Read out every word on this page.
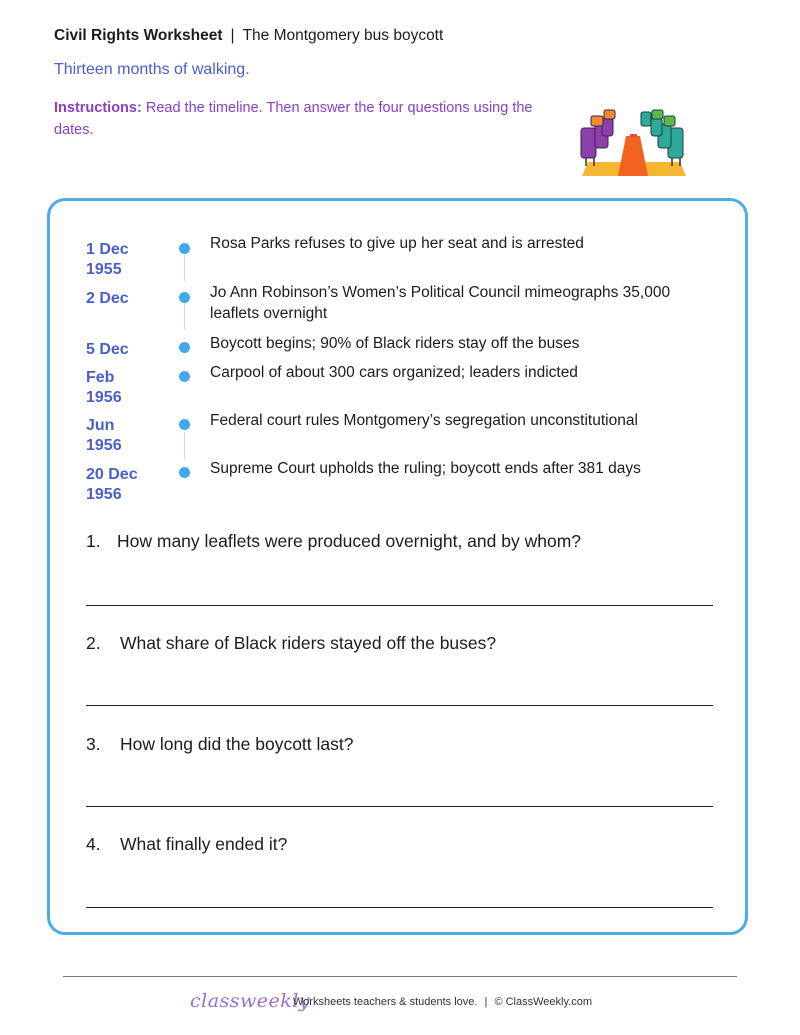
Civil Rights Worksheet | The Montgomery bus boycott
Thirteen months of walking.
Instructions: Read the timeline. Then answer the four questions using the dates.
1 Dec 1955
Rosa Parks refuses to give up her seat and is arrested
2 Dec	Jo Ann Robinson’s Women’s Political Council mimeographs 35,000 leaflets overnight
5 Dec	Boycott begins; 90% of Black riders stay off the buses
Feb 1956
Carpool of about 300 cars organized; leaders indicted
Jun 1956
Federal court rules Montgomery’s segregation unconstitutional
20 Dec 1956
Supreme Court upholds the ruling; boycott ends after 381 days
1. How many leaflets were produced overnight, and by whom?
2. What share of Black riders stayed off the buses?
3. How long did the boycott last?
4. What finally ended it?
classweekly
Worksheets teachers & students love. | © ClassWeekly.com
